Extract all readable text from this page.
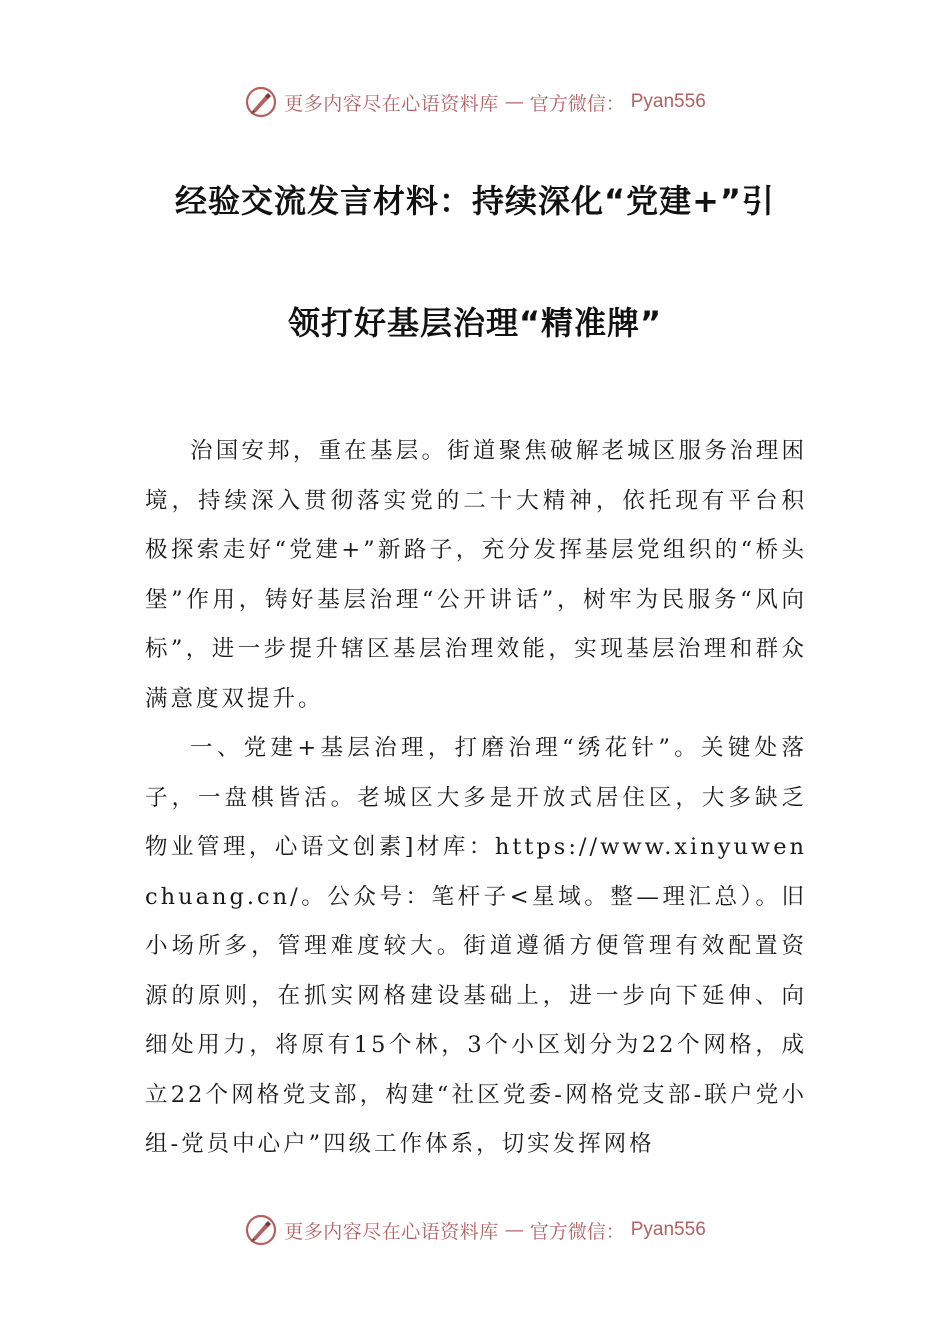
更多内容尽在心语资料库 — 官方微信： Pyan556
经验交流发言材料：持续深化“党建+”引
领打好基层治理“精准牌”

治国安邦，重在基层。街道聚焦破解老城区服务治理困境，持续深入贯彻落实党的二十大精神，依托现有平台积极探索走好“党建+”新路子，充分发挥基层党组织的“桥头堡”作用，铸好基层治理“公开讲话”，树牢为民服务“风向标”，进一步提升辖区基层治理效能，实现基层治理和群众满意度双提升。

一、党建+基层治理，打磨治理“绣花针”。关键处落子，一盘棋皆活。老城区大多是开放式居住区，大多缺乏物业管理，心语文创素]材库：https://www.xinyuwenchuang.cn/。公众号：笔杆子<星域。整—理汇总）。旧小场所多，管理难度较大。街道遵循方便管理有效配置资源的原则，在抓实网格建设基础上，进一步向下延伸、向细处用力，将原有15个林，3个小区划分为22个网格，成立22个网格党支部，构建“社区党委-网格党支部-联户党小组-党员中心户”四级工作体系，切实发挥网格

更多内容尽在心语资料库 — 官方微信： Pyan556
